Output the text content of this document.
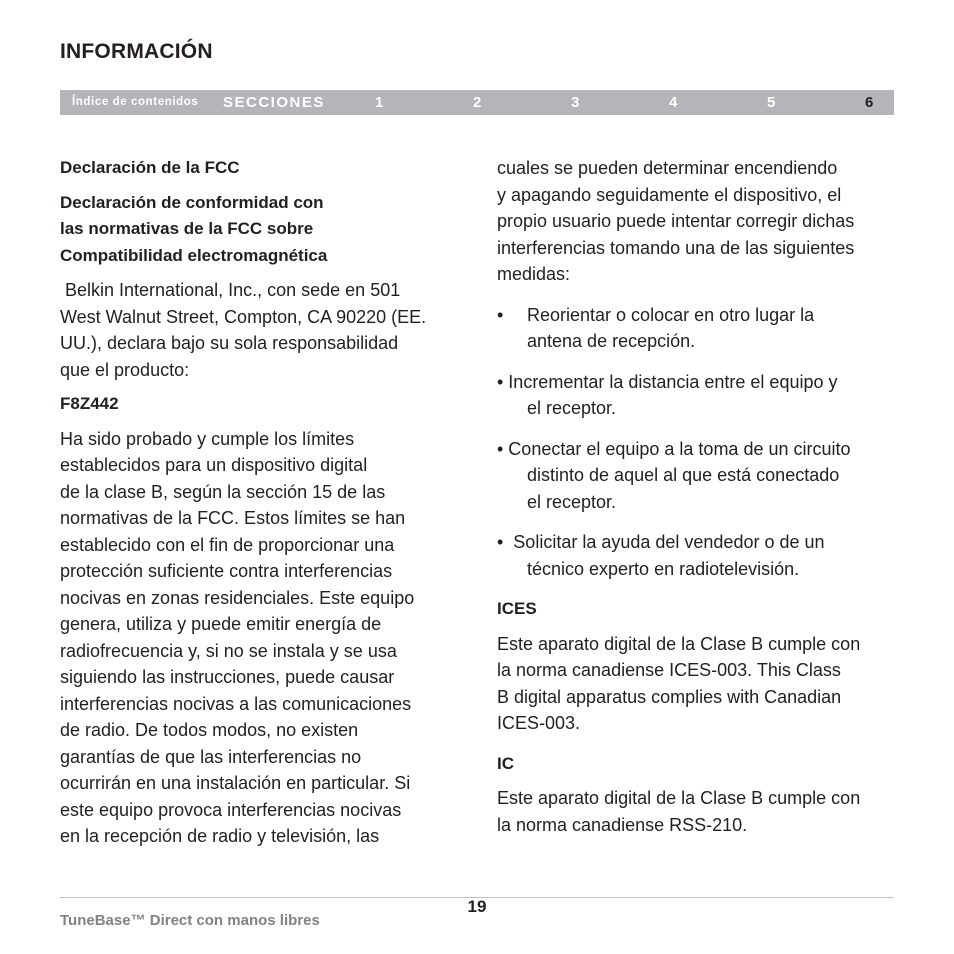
INFORMACIÓN
Índice de contenidos SECCIONES	1	2	3	4	5	6

Declaración de la FCC

Declaración de conformidad con

las normativas de la FCC sobre

Compatibilidad electromagnética

Belkin International, Inc., con sede en 501

West Walnut Street, Compton, CA 90220 (EE.

UU.), declara bajo su sola responsabilidad

que el producto:

F8Z442

Ha sido probado y cumple los límites

establecidos para un dispositivo digital

de la clase B, según la sección 15 de las

normativas de la FCC. Estos límites se han

establecido con el fin de proporcionar una

protección suficiente contra interferencias

nocivas en zonas residenciales. Este equipo

genera, utiliza y puede emitir energía de

radiofrecuencia y, si no se instala y se usa

siguiendo las instrucciones, puede causar

interferencias nocivas a las comunicaciones

de radio. De todos modos, no existen

garantías de que las interferencias no

ocurrirán en una instalación en particular. Si

este equipo provoca interferencias nocivas

en la recepción de radio y televisión, las

cuales se pueden determinar encendiendo

y apagando seguidamente el dispositivo, el

propio usuario puede intentar corregir dichas

interferencias tomando una de las siguientes

medidas:

• Reorientar o colocar en otro lugar la

antena de recepción.

• Incrementar la distancia entre el equipo y

el receptor.

• Conectar el equipo a la toma de un circuito

distinto de aquel al que está conectado

el receptor.

•  Solicitar la ayuda del vendedor o de un

técnico experto en radiotelevisión.

ICES

Este aparato digital de la Clase B cumple con

la norma canadiense ICES-003. This Class

B digital apparatus complies with Canadian

ICES-003.

IC

Este aparato digital de la Clase B cumple con

la norma canadiense RSS-210.

19
TuneBase™ Direct con manos libres
